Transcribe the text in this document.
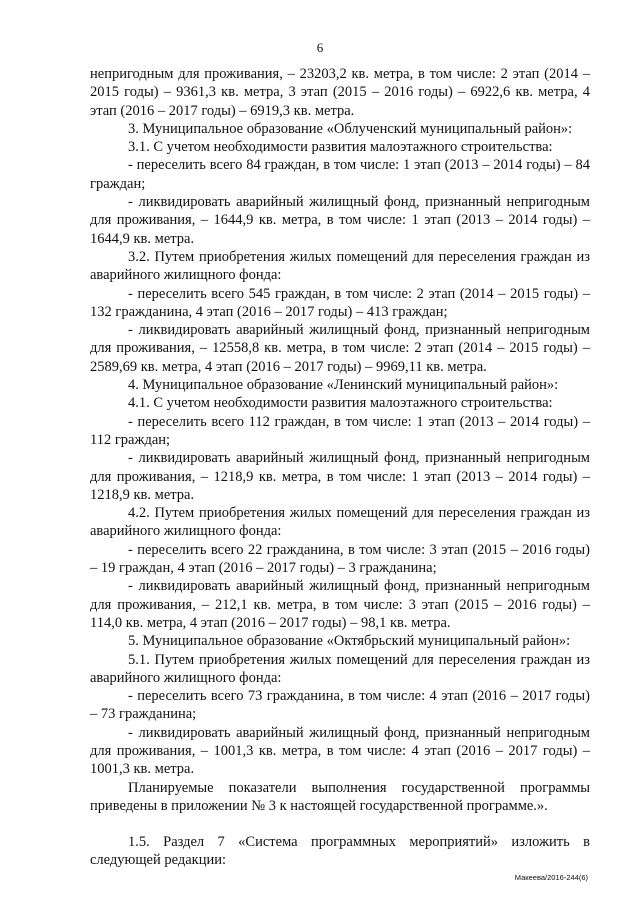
6

непригодным для проживания, – 23203,2 кв. метра, в том числе: 2 этап (2014 – 2015 годы) – 9361,3 кв. метра, 3 этап (2015 – 2016 годы) – 6922,6 кв. метра, 4 этап (2016 – 2017 годы) – 6919,3 кв. метра.

3. Муниципальное образование «Облученский муниципальный район»:

3.1. С учетом необходимости развития малоэтажного строительства:

- переселить всего 84 граждан, в том числе: 1 этап (2013 – 2014 годы) – 84 граждан;

- ликвидировать аварийный жилищный фонд, признанный непригодным для проживания, – 1644,9 кв. метра, в том числе: 1 этап (2013 – 2014 годы) – 1644,9 кв. метра.

3.2. Путем приобретения жилых помещений для переселения граждан из аварийного жилищного фонда:

- переселить всего 545 граждан, в том числе: 2 этап (2014 – 2015 годы) – 132 гражданина, 4 этап (2016 – 2017 годы) – 413 граждан;

- ликвидировать аварийный жилищный фонд, признанный непригодным для проживания, – 12558,8 кв. метра, в том числе: 2 этап (2014 – 2015 годы) – 2589,69 кв. метра, 4 этап (2016 – 2017 годы) – 9969,11 кв. метра.

4. Муниципальное образование «Ленинский муниципальный район»:

4.1. С учетом необходимости развития малоэтажного строительства:

- переселить всего 112 граждан, в том числе: 1 этап (2013 – 2014 годы) – 112 граждан;

- ликвидировать аварийный жилищный фонд, признанный непригодным для проживания, – 1218,9 кв. метра, в том числе: 1 этап (2013 – 2014 годы) – 1218,9 кв. метра.

4.2. Путем приобретения жилых помещений для переселения граждан из аварийного жилищного фонда:

- переселить всего 22 гражданина, в том числе: 3 этап (2015 – 2016 годы) – 19 граждан, 4 этап (2016 – 2017 годы) – 3 гражданина;

- ликвидировать аварийный жилищный фонд, признанный непригодным для проживания, – 212,1 кв. метра, в том числе: 3 этап (2015 – 2016 годы) – 114,0 кв. метра, 4 этап (2016 – 2017 годы) – 98,1 кв. метра.

5. Муниципальное образование «Октябрьский муниципальный район»:

5.1. Путем приобретения жилых помещений для переселения граждан из аварийного жилищного фонда:

- переселить всего 73 гражданина, в том числе: 4 этап (2016 – 2017 годы) – 73 гражданина;

- ликвидировать аварийный жилищный фонд, признанный непригодным для проживания, – 1001,3 кв. метра, в том числе: 4 этап (2016 – 2017 годы) – 1001,3 кв. метра.

Планируемые показатели выполнения государственной программы приведены в приложении № 3 к настоящей государственной программе.».

1.5. Раздел 7 «Система программных мероприятий» изложить в следующей редакции:

Макеева/2016-244(6)
